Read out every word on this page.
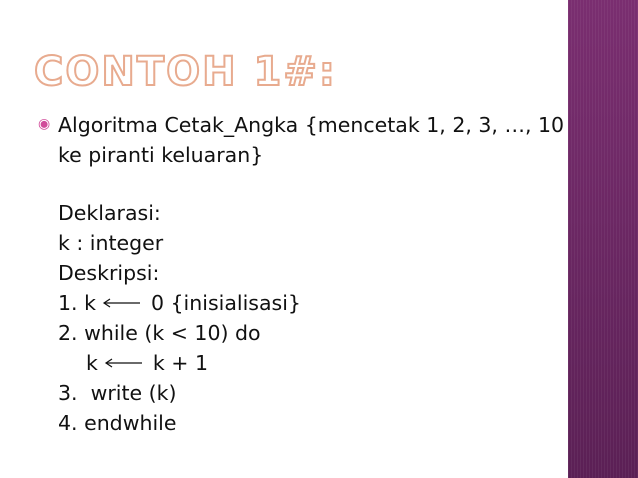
CONTOH 1#:
◉ Algoritma Cetak_Angka {mencetak 1, 2, 3, …, 10
ke piranti keluaran}
Deklarasi:
k : integer
Deskripsi:
1. k	0 {inisialisasi}
2. while (k < 10) do
k	k + 1
3.  write (k)
4. endwhile
